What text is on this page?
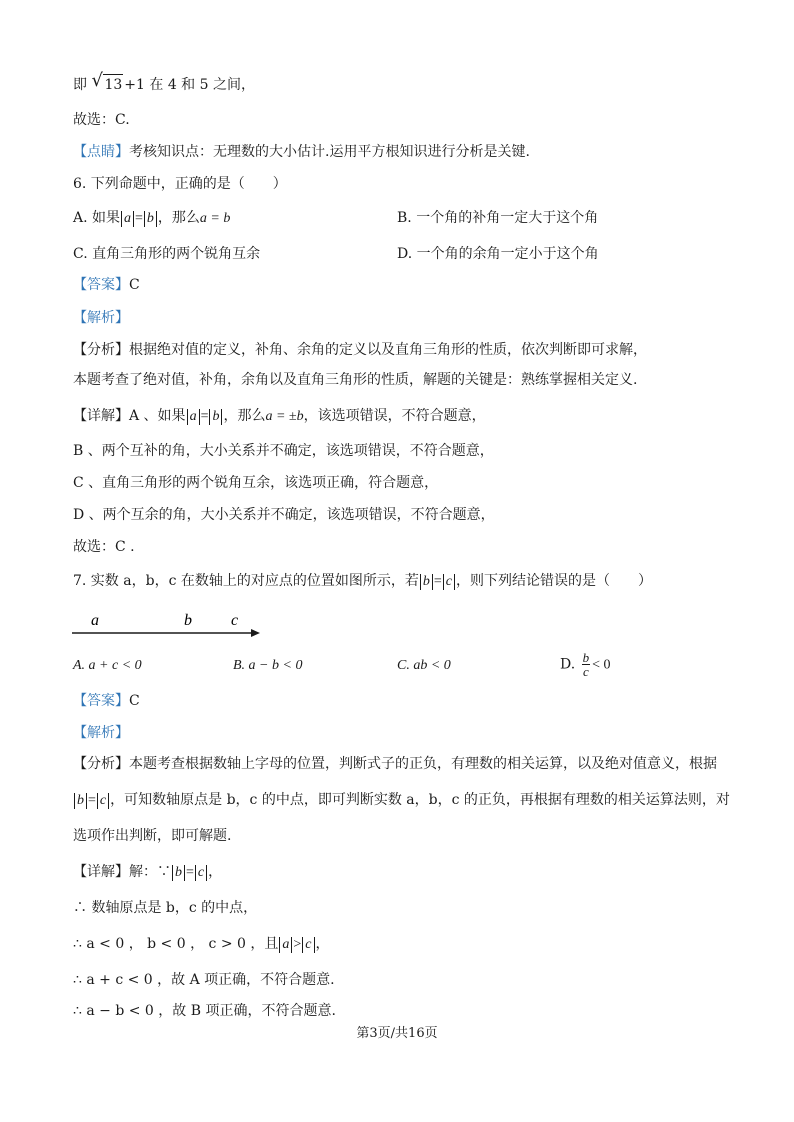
即 √ 13 +1 在 4 和 5 之间，
故选：C.
【点睛】考核知识点：无理数的大小估计.运用平方根知识进行分析是关键.
6. 下列命题中，正确的是（　　）
A. 如果 a = b ，那么a = b	B. 一个角的补角一定大于这个角
C. 直角三角形的两个锐角互余	D. 一个角的余角一定小于这个角
【答案】C
【解析】
【分析】根据绝对值的定义，补角、余角的定义以及直角三角形的性质，依次判断即可求解，
本题考查了绝对值，补角，余角以及直角三角形的性质，解题的关键是：熟练掌握相关定义.
【详解】A 、如果 a = b ，那么a = ±b，该选项错误，不符合题意，
B 、两个互补的角，大小关系并不确定，该选项错误，不符合题意，
C 、直角三角形的两个锐角互余，该选项正确，符合题意，
D 、两个互余的角，大小关系并不确定，该选项错误，不符合题意，
故选：C .
7. 实数 a，b，c 在数轴上的对应点的位置如图所示，若 b = c ，则下列结论错误的是（　　）
a	b c
A. a + c < 0	B. a − b < 0	C. ab < 0	D. $\frac{b}{c} < 0$
【答案】C
【解析】
【分析】本题考查根据数轴上字母的位置，判断式子的正负，有理数的相关运算，以及绝对值意义，根据
b = c ，可知数轴原点是 b，c 的中点，即可判断实数 a，b，c 的正负，再根据有理数的相关运算法则，对
选项作出判断，即可解题.
【详解】解：∵ b = c ，
∴ 数轴原点是 b，c 的中点，
∴ a < 0 ， b < 0 ， c > 0 ，且 a > c ，
∴ a + c < 0 ，故 A 项正确，不符合题意.
∴ a − b < 0 ，故 B 项正确，不符合题意.
第3页/共16页
